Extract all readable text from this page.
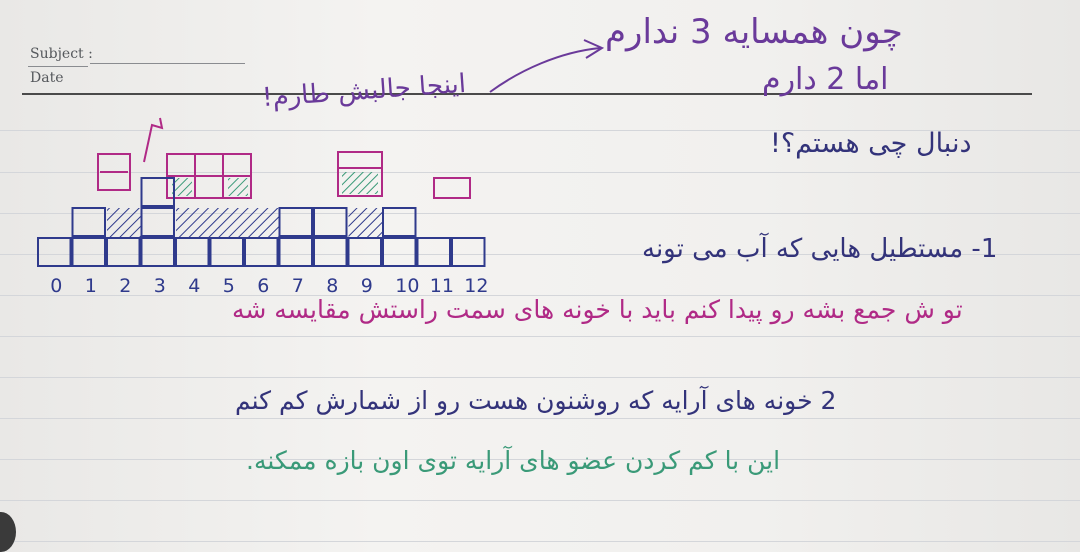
Subject :
Date
چون همسایه 3 ندارم
اما 2 دارم
اینجا جالبش طارم!
دنبال چی هستم؟!
1- مستطیل هایی که آب می تونه
تو ش جمع بشه رو پیدا کنم باید با خونه های سمت راستش مقایسه شه
2 خونه های آرایه که روشنون هست رو از شمارش کم کنم
این با کم کردن عضو های آرایه توی اون بازه ممکنه.
0 1 2 3 4 5 6 7 8 9 10 11 12
